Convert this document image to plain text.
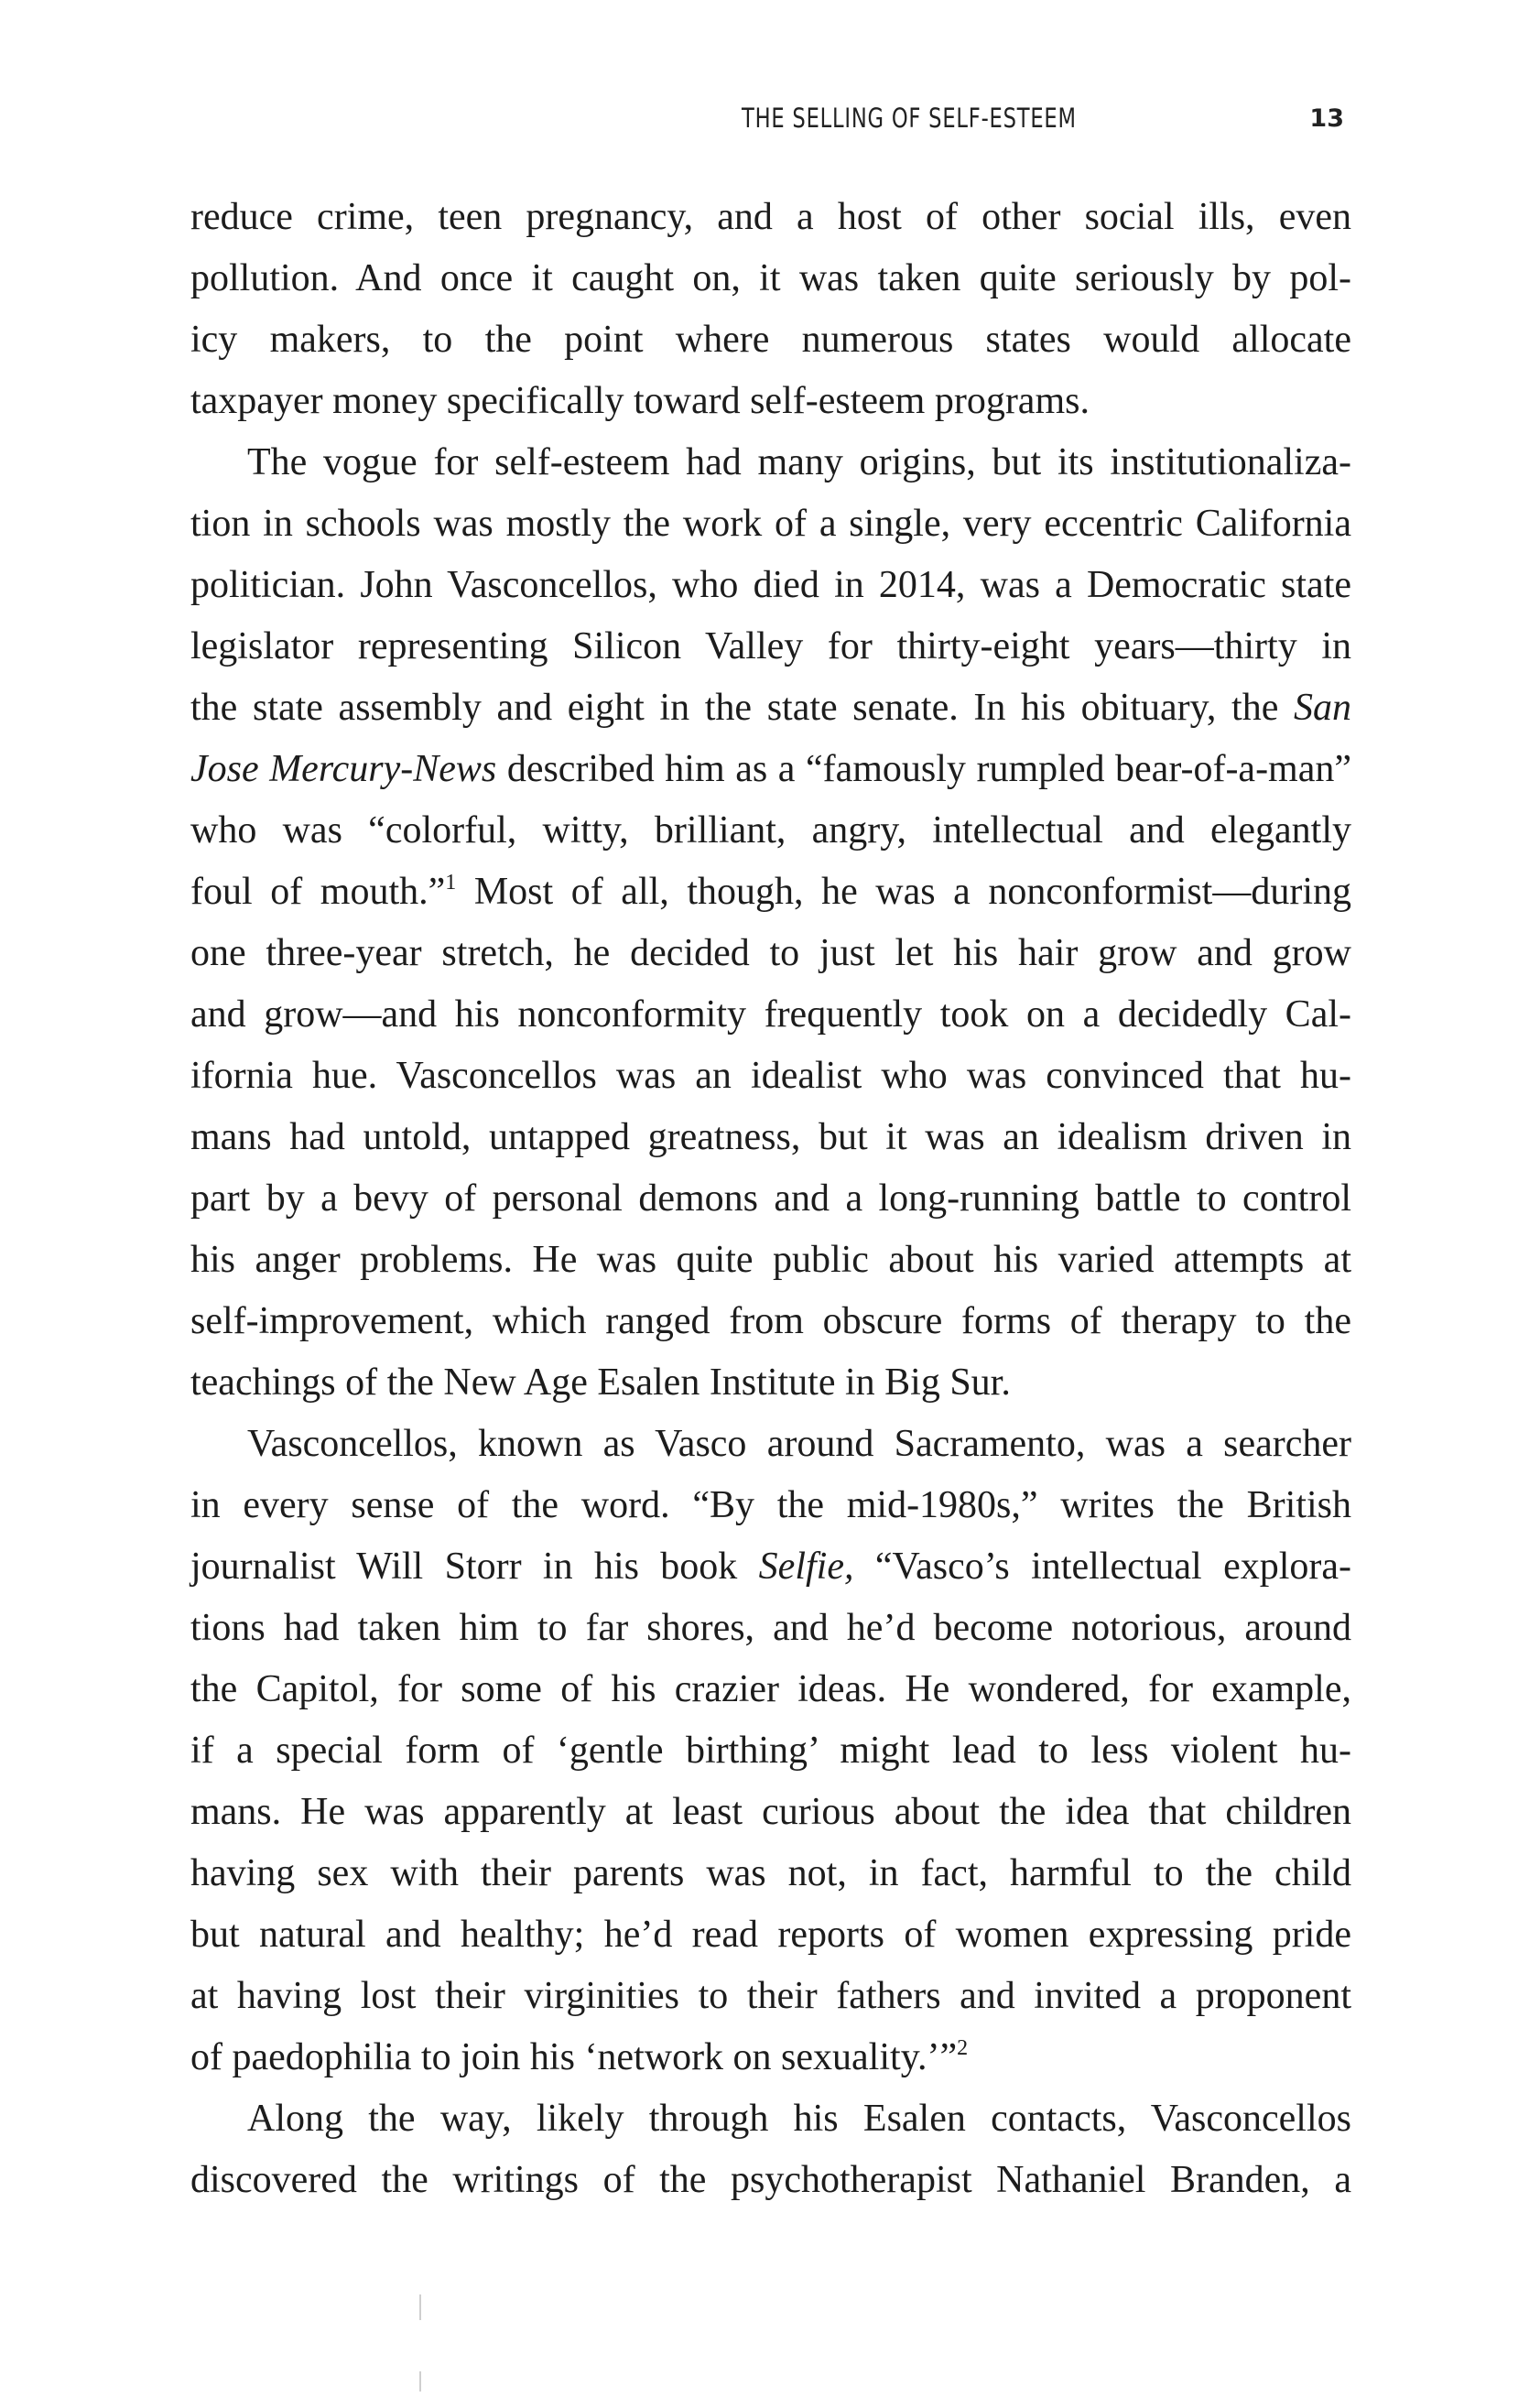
THE SELLING OF SELF-ESTEEM	13
reduce crime, teen pregnancy, and a host of other social ills, even
pollution. And once it caught on, it was taken quite seriously by pol-
icy makers, to the point where numerous states would allocate
taxpayer money specifically toward self-esteem programs.
The vogue for self-esteem had many origins, but its institutionaliza-
tion in schools was mostly the work of a single, very eccentric California
politician. John Vasconcellos, who died in 2014, was a Democratic state
legislator representing Silicon Valley for thirty-eight years—thirty in
the state assembly and eight in the state senate. In his obituary, the San
Jose Mercury-News described him as a “famously rumpled bear-of-a-man”
who was “colorful, witty, brilliant, angry, intellectual and elegantly
foul of mouth.”$^1$ Most of all, though, he was a nonconformist—during
one three-year stretch, he decided to just let his hair grow and grow
and grow—and his nonconformity frequently took on a decidedly Cal-
ifornia hue. Vasconcellos was an idealist who was convinced that hu-
mans had untold, untapped greatness, but it was an idealism driven in
part by a bevy of personal demons and a long-running battle to control
his anger problems. He was quite public about his varied attempts at
self-improvement, which ranged from obscure forms of therapy to the
teachings of the New Age Esalen Institute in Big Sur.
Vasconcellos, known as Vasco around Sacramento, was a searcher
in every sense of the word. “By the mid-1980s,” writes the British
journalist Will Storr in his book Selfie, “Vasco’s intellectual explora-
tions had taken him to far shores, and he’d become notorious, around
the Capitol, for some of his crazier ideas. He wondered, for example,
if a special form of ‘gentle birthing’ might lead to less violent hu-
mans. He was apparently at least curious about the idea that children
having sex with their parents was not, in fact, harmful to the child
but natural and healthy; he’d read reports of women expressing pride
at having lost their virginities to their fathers and invited a proponent
of paedophilia to join his ‘network on sexuality.’”$^2$
Along the way, likely through his Esalen contacts, Vasconcellos
discovered the writings of the psychotherapist Nathaniel Branden, a
